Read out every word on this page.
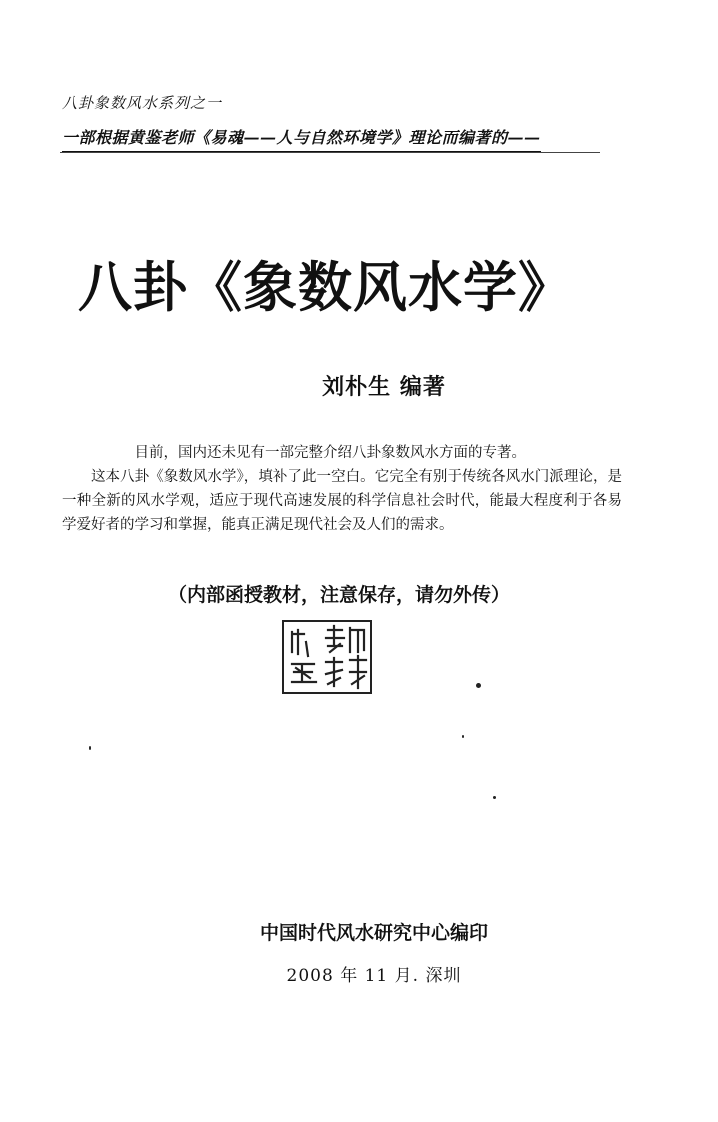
八卦象数风水系列之一
一部根据黄鉴老师《易魂——人与自然环境学》理论而编著的——
八卦《象数风水学》
刘朴生 编著

目前，国内还未见有一部完整介绍八卦象数风水方面的专著。

这本八卦《象数风水学》，填补了此一空白。它完全有别于传统各风水门派理论，是一种全新的风水学观，适应于现代高速发展的科学信息社会时代，能最大程度利于各易学爱好者的学习和掌握，能真正满足现代社会及人们的需求。

（内部函授教材，注意保存，请勿外传）
中国时代风水研究中心编印
2008 年 11 月. 深圳
